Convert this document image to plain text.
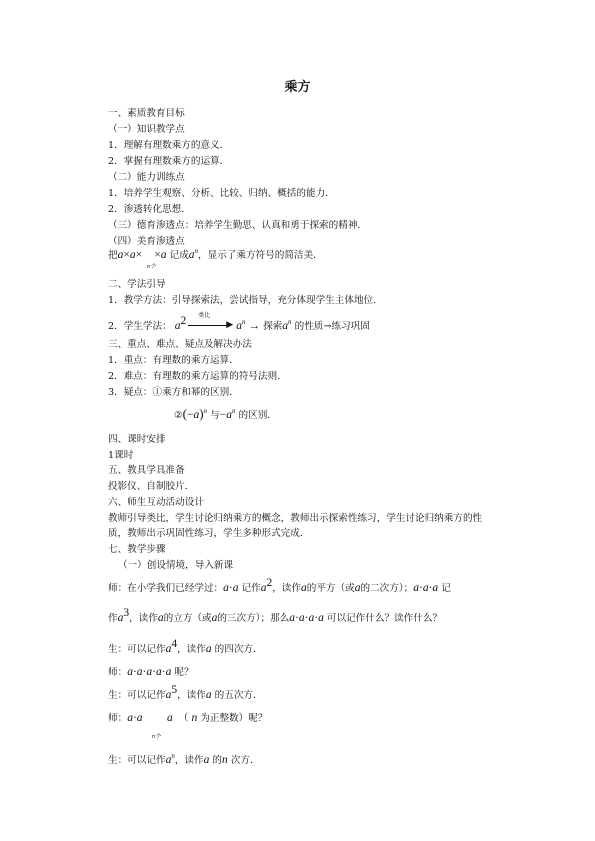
乘方
一、素质教育目标
（一）知识教学点
1．理解有理数乘方的意义．
2．掌握有理数乘方的运算．
（二）能力训练点
1．培养学生观察、分析、比较、归纳、概括的能力．
2．渗透转化思想．
（三）德育渗透点：培养学生勤思、认真和勇于探索的精神．
（四）美育渗透点
把a×a× ×a 记成$a^n$，显示了乘方符号的简洁美．
n个
二、学法引导
1．教学方法：引导探索法，尝试指导，充分体现学生主体地位．
2．学生学法： $a^2$ 类比
▶ $a^n$ → 探索$a^n$ 的性质→练习巩固
三、重点、难点、疑点及解决办法
1．重点：有理数的乘方运算．
2．难点：有理数的乘方运算的符号法则．
3．疑点：①乘方和幂的区别．
$②(-a)^n$ 与$-a^n$ 的区别．
四、课时安排
1课时
五、教具学具准备
投影仪、自制胶片．
六、师生互动活动设计
教师引导类比，学生讨论归纳乘方的概念，教师出示探索性练习，学生讨论归纳乘方的性质，教师出示巩固性练习，学生多种形式完成．
七、教学步骤
（一）创设情境，导入新课
师：在小学我们已经学过：a·a 记作$a^2$，读作a的平方（或a的二次方）；a·a·a 记
作$a^3$，读作a的立方（或a的三次方）；那么a·a·a·a 可以记作什么？读作什么？
生：可以记作$a^4$，读作a 的四次方．
师：a·a·a·a·a 呢？
生：可以记作$a^5$，读作a 的五次方．
师：a·a a （ n 为正整数）呢？
n个
生：可以记作$a^n$，读作a 的n 次方．
